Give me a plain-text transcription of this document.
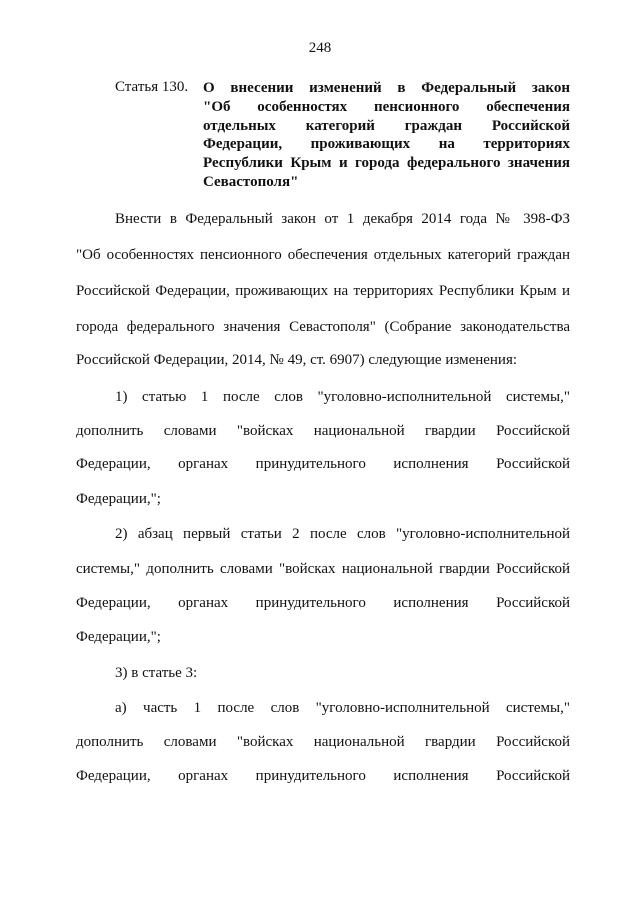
248
Статья 130. О внесении изменений в Федеральный закон
"Об особенностях пенсионного обеспечения
отдельных категорий граждан Российской
Федерации, проживающих на территориях
Республики Крым и города федерального значения
Севастополя"
Внести в Федеральный закон от 1 декабря 2014 года № 398-ФЗ
"Об особенностях пенсионного обеспечения отдельных категорий граждан
Российской Федерации, проживающих на территориях Республики Крым и
города федерального значения Севастополя" (Собрание законодательства
Российской Федерации, 2014, № 49, ст. 6907) следующие изменения:
1) статью 1 после слов "уголовно-исполнительной системы,"
дополнить словами "войсках национальной гвардии Российской
Федерации, органах принудительного исполнения Российской
Федерации,";
2) абзац первый статьи 2 после слов "уголовно-исполнительной
системы," дополнить словами "войсках национальной гвардии Российской
Федерации, органах принудительного исполнения Российской
Федерации,";
3) в статье 3:
а) часть 1 после слов "уголовно-исполнительной системы,"
дополнить словами "войсках национальной гвардии Российской
Федерации, органах принудительного исполнения Российской
